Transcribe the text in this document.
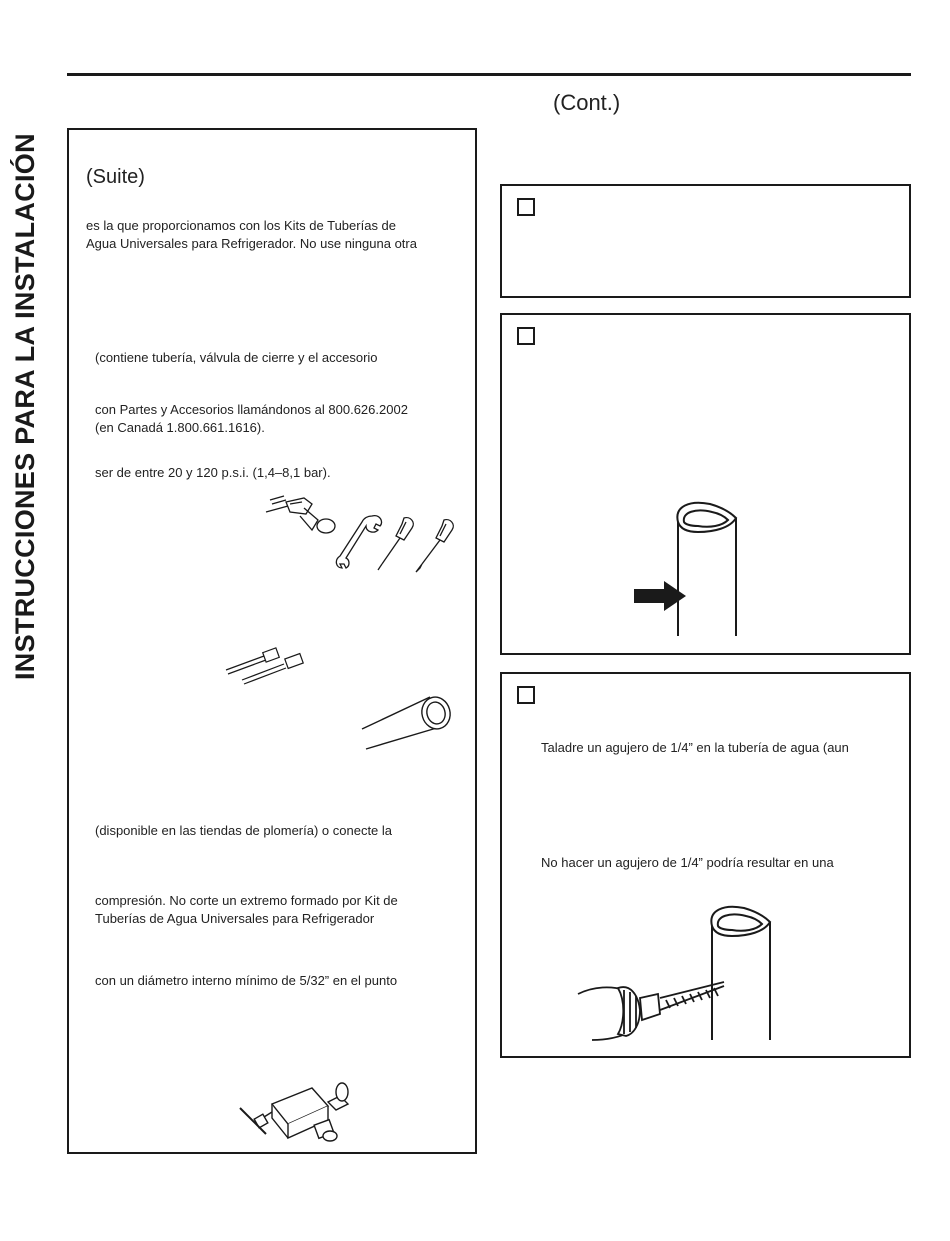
INSTRUCCIONES PARA LA INSTALACIÓN
(Cont.)
(Suite)
es la que proporcionamos con los Kits de Tuberías de
Agua Universales para Refrigerador. No use ninguna otra
(contiene tubería, válvula de cierre y el accesorio
con Partes y Accesorios llamándonos al 800.626.2002
(en Canadá 1.800.661.1616).
ser de entre 20 y 120 p.s.i. (1,4–8,1 bar).
(disponible en las tiendas de plomería) o conecte la
compresión. No corte un extremo formado por Kit de
Tuberías de Agua Universales para Refrigerador
con un diámetro interno mínimo de 5/32” en el punto
Taladre un agujero de 1/4” en la tubería de agua (aun
No hacer un agujero de 1/4” podría resultar en una
